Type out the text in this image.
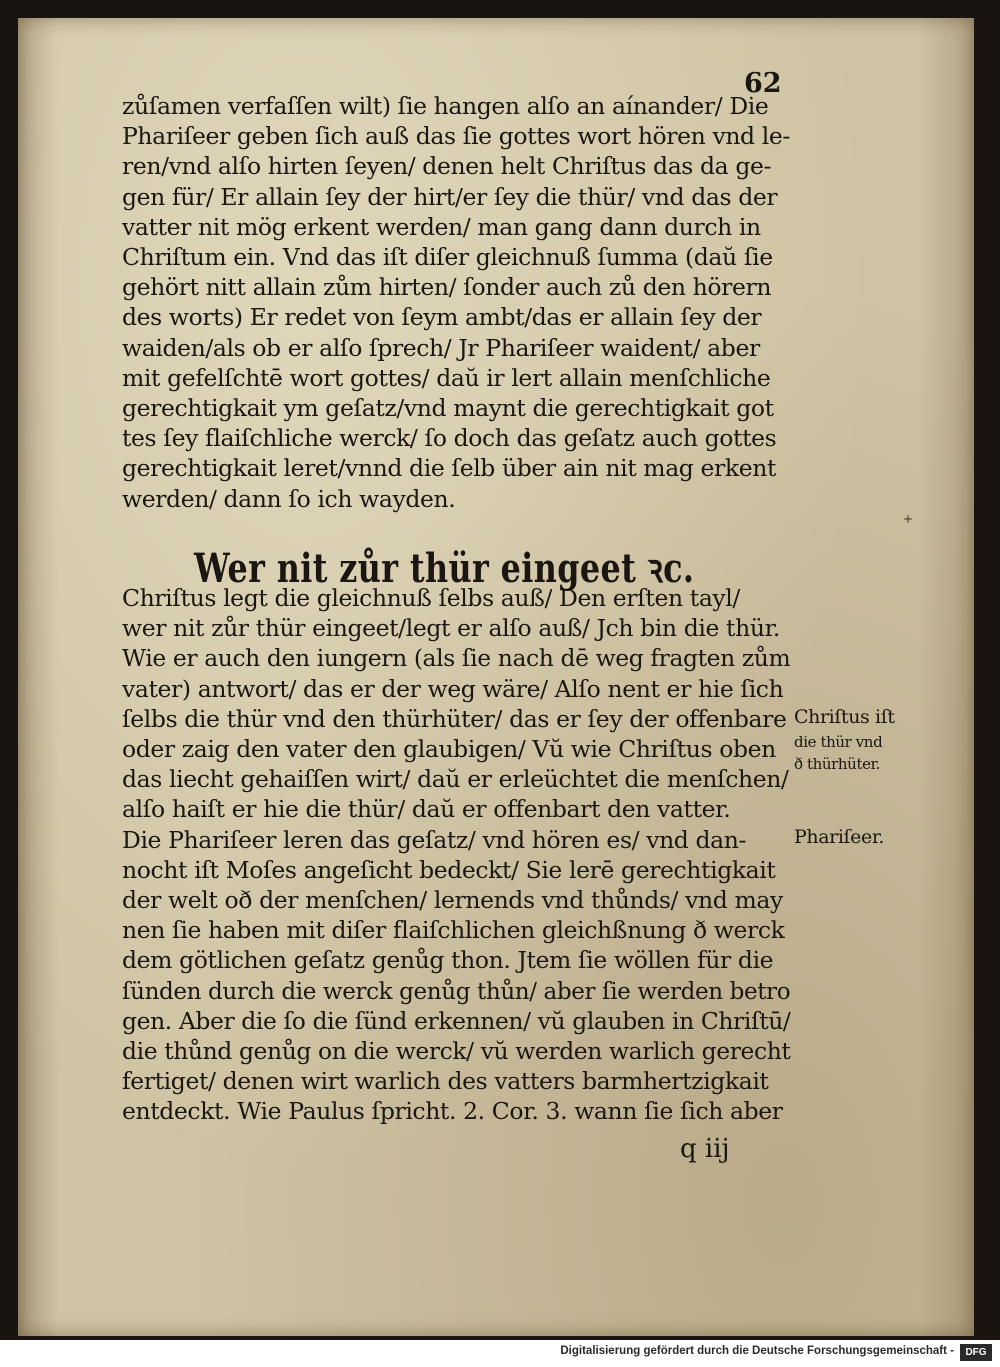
62
Wer nit zůr thür eingeet ꝛc.
Chriſtus iſt
die thür vnd
ð thürhüter.
Phariſeer.
+
q iij
zůſamen verfaſſen wilt) ſie hangen alſo an aínander/ Die
Phariſeer geben ſich auß das ſie gottes wort hören vnd le-
ren/vnd alſo hirten ſeyen/ denen helt Chriſtus das da ge-
gen für/ Er allain ſey der hirt/er ſey die thür/ vnd das der
vatter nit mög erkent werden/ man gang dann durch in
Chriſtum ein. Vnd das iſt diſer gleichnuß ſumma (daŭ ſie
gehört nitt allain zům hirten/ ſonder auch zů den hörern
des worts) Er redet von ſeym ambt/das er allain ſey der
waiden/als ob er alſo ſprech/ Jr Phariſeer waident/ aber
mit gefelſchtē wort gottes/ daŭ ir lert allain menſchliche
gerechtigkait ym geſatz/vnd maynt die gerechtigkait got
tes ſey flaiſchliche werck/ ſo doch das geſatz auch gottes
gerechtigkait leret/vnnd die ſelb über ain nit mag erkent
werden/ dann ſo ich wayden.
Chriſtus legt die gleichnuß ſelbs auß/ Den erſten tayl/
wer nit zůr thür eingeet/legt er alſo auß/ Jch bin die thür.
Wie er auch den iungern (als ſie nach dē weg fragten zům
vater) antwort/ das er der weg wäre/ Alſo nent er hie ſich
ſelbs die thür vnd den thürhüter/ das er ſey der offenbare
oder zaig den vater den glaubigen/ Vŭ wie Chriſtus oben
das liecht gehaiſſen wirt/ daŭ er erleüchtet die menſchen/
alſo haiſt er hie die thür/ daŭ er offenbart den vatter.
Die Phariſeer leren das geſatz/ vnd hören es/ vnd dan-
nocht iſt Moſes angeſicht bedeckt/ Sie lerē gerechtigkait
der welt oð der menſchen/ lernends vnd thůnds/ vnd may
nen ſie haben mit diſer flaiſchlichen gleichßnung ð werck
dem götlichen geſatz genůg thon. Jtem ſie wöllen für die
ſünden durch die werck genůg thůn/ aber ſie werden betro
gen. Aber die ſo die ſünd erkennen/ vŭ glauben in Chriſtū/
die thůnd genůg on die werck/ vŭ werden warlich gerecht
fertiget/ denen wirt warlich des vatters barmhertzigkait
entdeckt. Wie Paulus ſpricht. 2. Cor. 3. wann ſie ſich aber
Digitalisierung gefördert durch die Deutsche Forschungsgemeinschaft -	DFG
